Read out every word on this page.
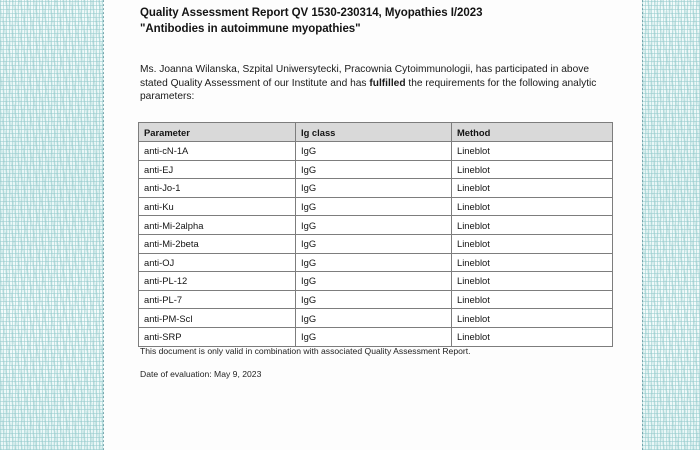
Quality Assessment Report QV 1530-230314, Myopathies I/2023
"Antibodies in autoimmune myopathies"
Ms. Joanna Wilanska, Szpital Uniwersytecki, Pracownia Cytoimmunologii, has participated in above stated Quality Assessment of our Institute and has fulfilled the requirements for the following analytic parameters:
Parameter	Ig class	Method
anti-cN-1A	IgG	Lineblot
anti-EJ	IgG	Lineblot
anti-Jo-1	IgG	Lineblot
anti-Ku	IgG	Lineblot
anti-Mi-2alpha	IgG	Lineblot
anti-Mi-2beta	IgG	Lineblot
anti-OJ	IgG	Lineblot
anti-PL-12	IgG	Lineblot
anti-PL-7	IgG	Lineblot
anti-PM-Scl	IgG	Lineblot
anti-SRP	IgG	Lineblot
This document is only valid in combination with associated Quality Assessment Report.
Date of evaluation: May 9, 2023
